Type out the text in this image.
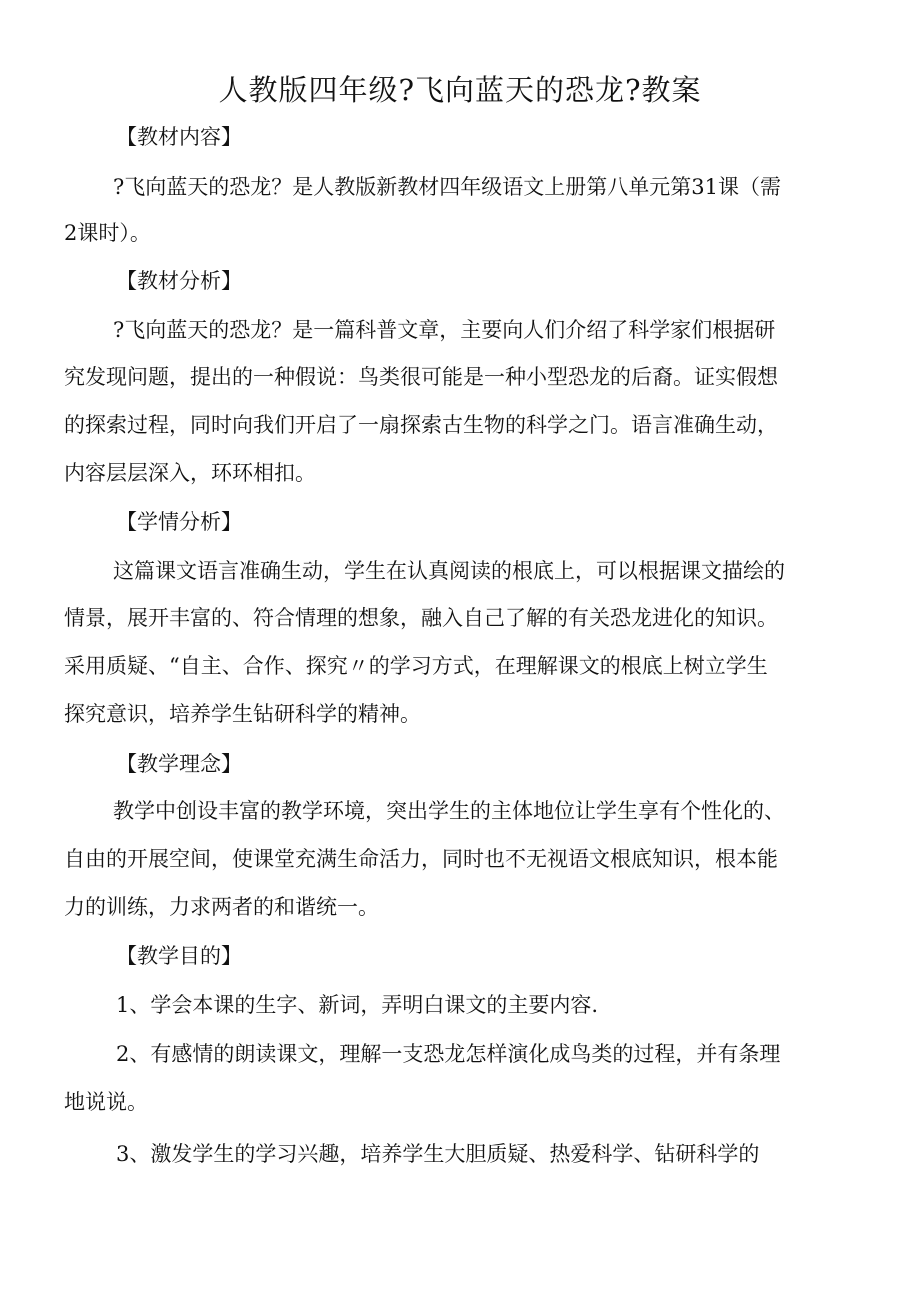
人教版四年级?飞向蓝天的恐龙?教案
【教材内容】
?飞向蓝天的恐龙？是人教版新教材四年级语文上册第八单元第31课（需
2课时）。
【教材分析】
?飞向蓝天的恐龙？是一篇科普文章，主要向人们介绍了科学家们根据研
究发现问题，提出的一种假说：鸟类很可能是一种小型恐龙的后裔。证实假想
的探索过程，同时向我们开启了一扇探索古生物的科学之门。语言准确生动，
内容层层深入，环环相扣。
【学情分析】
这篇课文语言准确生动，学生在认真阅读的根底上，可以根据课文描绘的
情景，展开丰富的、符合情理的想象，融入自己了解的有关恐龙进化的知识。
采用质疑、“自主、合作、探究〃的学习方式，在理解课文的根底上树立学生
探究意识，培养学生钻研科学的精神。
【教学理念】
教学中创设丰富的教学环境，突出学生的主体地位让学生享有个性化的、
自由的开展空间，使课堂充满生命活力，同时也不无视语文根底知识，根本能
力的训练，力求两者的和谐统一。
【教学目的】
1、学会本课的生字、新词，弄明白课文的主要内容.
2、有感情的朗读课文，理解一支恐龙怎样演化成鸟类的过程，并有条理
地说说。
3、激发学生的学习兴趣，培养学生大胆质疑、热爱科学、钻研科学的
